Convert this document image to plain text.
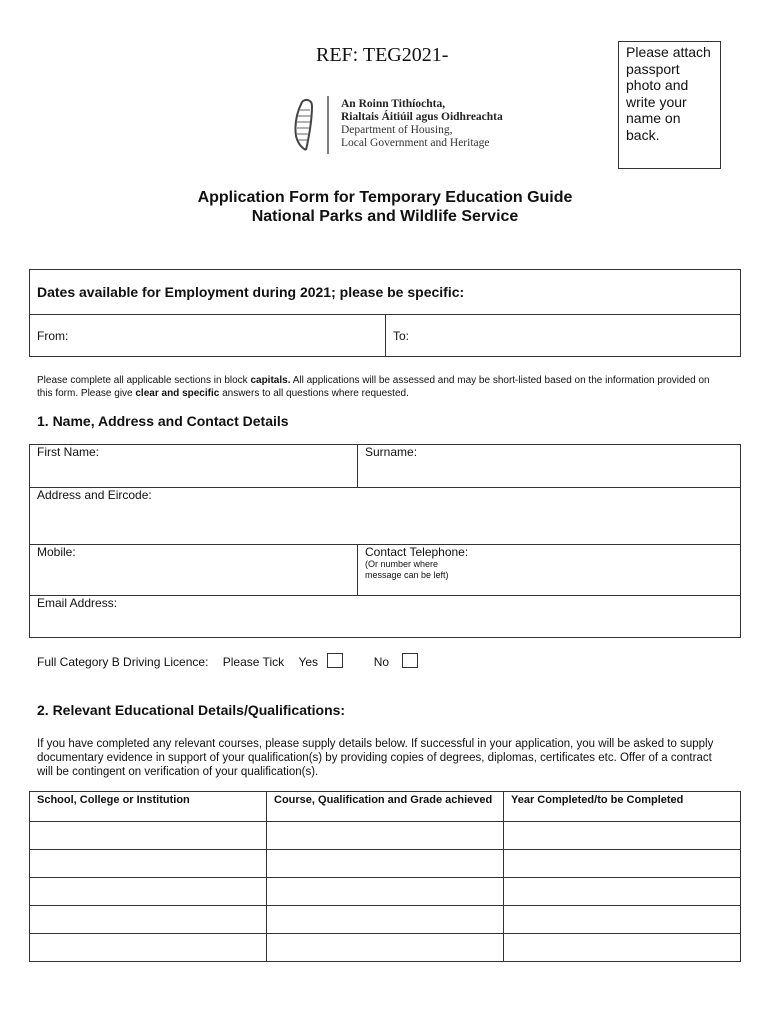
REF: TEG2021-	Please attach passport photo and write your name on back.
An Roinn Tithíochta,
Rialtais Áitiúil agus Oidhreachta
Department of Housing,
Local Government and Heritage
Application Form for Temporary Education Guide
National Parks and Wildlife Service
Dates available for Employment during 2021; please be specific:
From:	To:
Please complete all applicable sections in block capitals. All applications will be assessed and may be short-listed based on the information provided on this form. Please give clear and specific answers to all questions where requested.
1. Name, Address and Contact Details
First Name:	Surname:
Address and Eircode:	
Mobile:	Contact Telephone:
(Or number where message can be left)

Email Address:	
Full Category B Driving Licence: Please Tick Yes	No
2. Relevant Educational Details/Qualifications:
If you have completed any relevant courses, please supply details below. If successful in your application, you will be asked to supply documentary evidence in support of your qualification(s) by providing copies of degrees, diplomas, certificates etc. Offer of a contract will be contingent on verification of your qualification(s).
School, College or Institution	Course, Qualification and Grade achieved	Year Completed/to be Completed
